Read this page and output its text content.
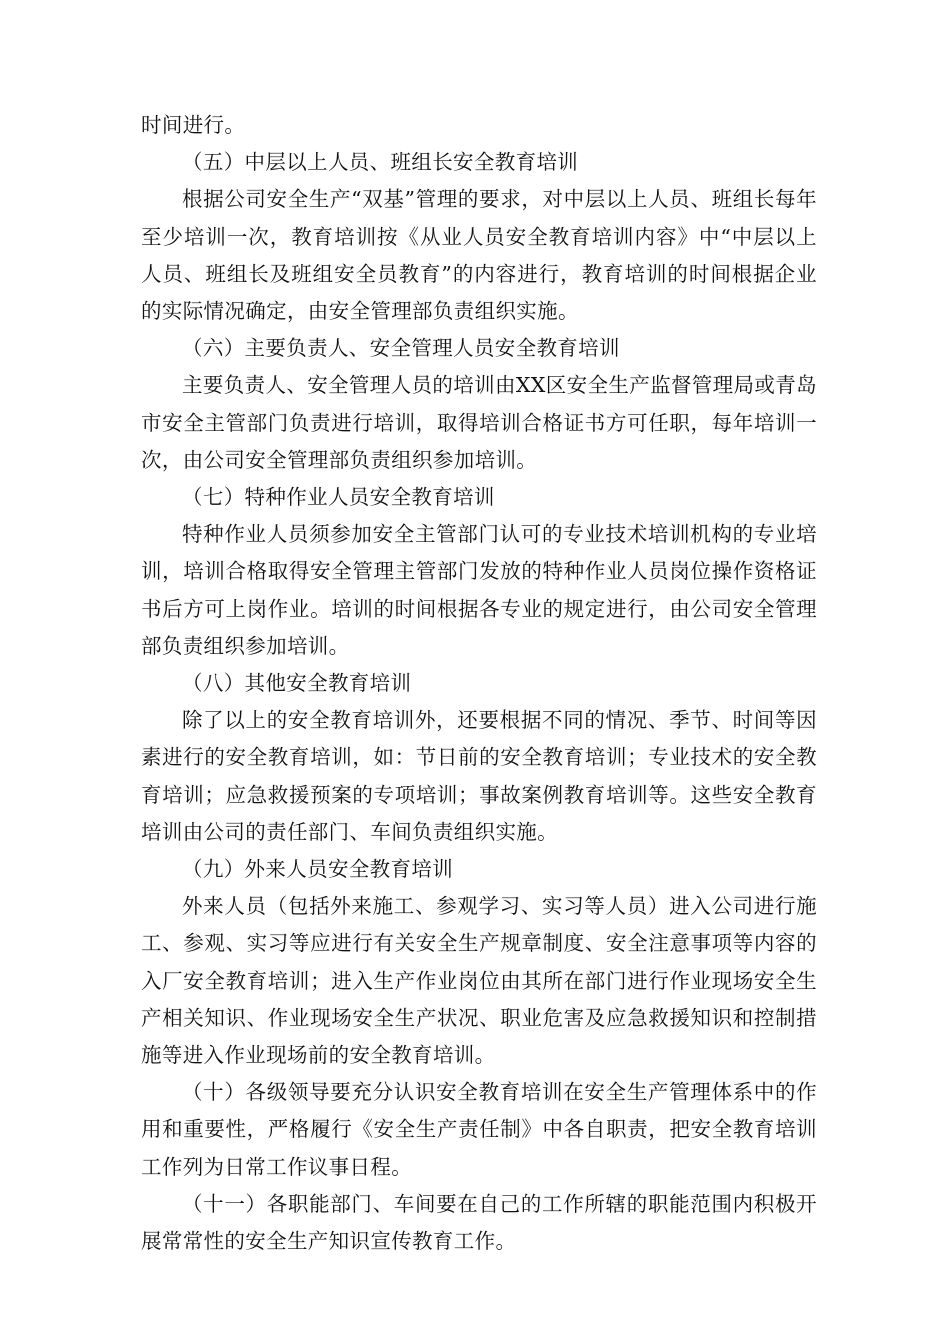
时间进行。

（五）中层以上人员、班组长安全教育培训

根据公司安全生产“双基”管理的要求，对中层以上人员、班组长每年至少培训一次，教育培训按《从业人员安全教育培训内容》中“中层以上人员、班组长及班组安全员教育”的内容进行，教育培训的时间根据企业的实际情况确定，由安全管理部负责组织实施。

（六）主要负责人、安全管理人员安全教育培训

主要负责人、安全管理人员的培训由XX区安全生产监督管理局或青岛市安全主管部门负责进行培训，取得培训合格证书方可任职，每年培训一次，由公司安全管理部负责组织参加培训。

（七）特种作业人员安全教育培训

特种作业人员须参加安全主管部门认可的专业技术培训机构的专业培训，培训合格取得安全管理主管部门发放的特种作业人员岗位操作资格证书后方可上岗作业。培训的时间根据各专业的规定进行，由公司安全管理部负责组织参加培训。

（八）其他安全教育培训

除了以上的安全教育培训外，还要根据不同的情况、季节、时间等因素进行的安全教育培训，如：节日前的安全教育培训；专业技术的安全教育培训；应急救援预案的专项培训；事故案例教育培训等。这些安全教育培训由公司的责任部门、车间负责组织实施。

（九）外来人员安全教育培训

外来人员（包括外来施工、参观学习、实习等人员）进入公司进行施工、参观、实习等应进行有关安全生产规章制度、安全注意事项等内容的入厂安全教育培训；进入生产作业岗位由其所在部门进行作业现场安全生产相关知识、作业现场安全生产状况、职业危害及应急救援知识和控制措施等进入作业现场前的安全教育培训。

（十）各级领导要充分认识安全教育培训在安全生产管理体系中的作用和重要性，严格履行《安全生产责任制》中各自职责，把安全教育培训工作列为日常工作议事日程。

（十一）各职能部门、车间要在自己的工作所辖的职能范围内积极开展常常性的安全生产知识宣传教育工作。
